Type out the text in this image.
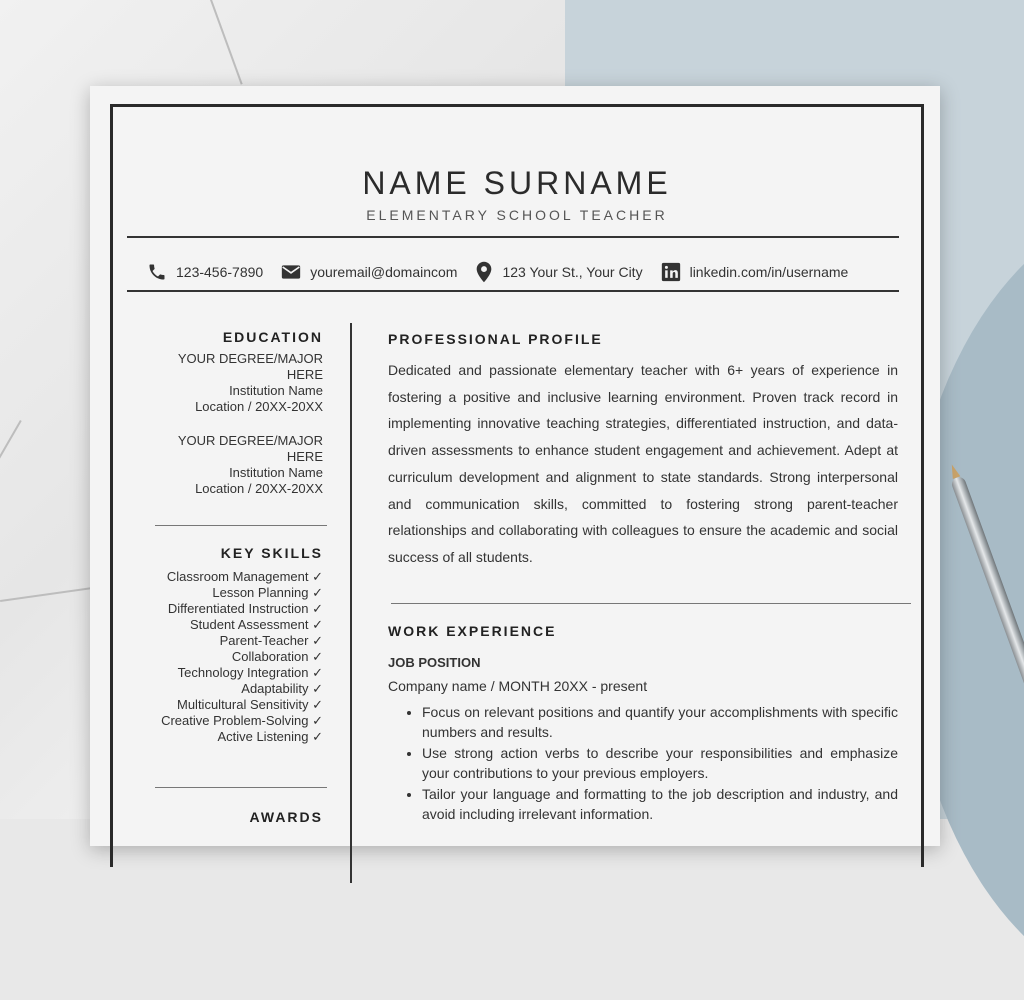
NAME SURNAME
ELEMENTARY SCHOOL TEACHER
123-456-7890	youremail@domaincom	123 Your St., Your City	linkedin.com/in/username
EDUCATION
YOUR DEGREE/MAJOR
HERE
Institution Name
Location / 20XX-20XX
YOUR DEGREE/MAJOR
HERE
Institution Name
Location / 20XX-20XX
KEY SKILLS
Classroom Management ✓
Lesson Planning ✓
Differentiated Instruction ✓
Student Assessment ✓
Parent-Teacher ✓
Collaboration ✓
Technology Integration ✓
Adaptability ✓
Multicultural Sensitivity ✓
Creative Problem-Solving ✓
Active Listening ✓
AWARDS
PROFESSIONAL PROFILE
Dedicated and passionate elementary teacher with 6+ years of experience in fostering a positive and inclusive learning environment. Proven track record in implementing innovative teaching strategies, differentiated instruction, and data-driven assessments to enhance student engagement and achievement. Adept at curriculum development and alignment to state standards. Strong interpersonal and communication skills, committed to fostering strong parent-teacher relationships and collaborating with colleagues to ensure the academic and social success of all students.
WORK EXPERIENCE
JOB POSITION
Company name / MONTH 20XX - present
• Focus on relevant positions and quantify your accomplishments with specific numbers and results.
• Use strong action verbs to describe your responsibilities and emphasize your contributions to your previous employers.
• Tailor your language and formatting to the job description and industry, and avoid including irrelevant information.
